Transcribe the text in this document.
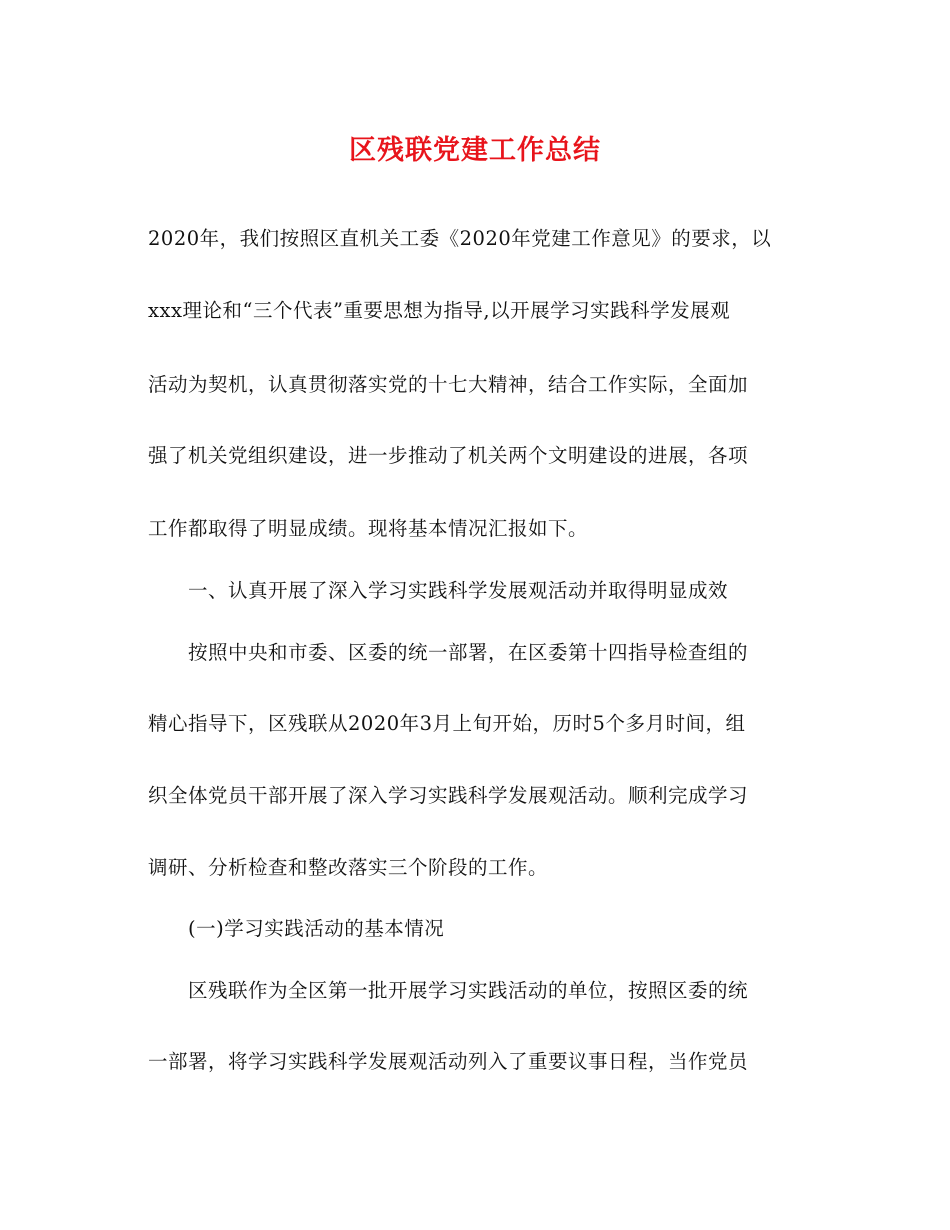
区残联党建工作总结
2020年，我们按照区直机关工委《2020年党建工作意见》的要求，以
xxx理论和“三个代表”重要思想为指导,以开展学习实践科学发展观
活动为契机，认真贯彻落实党的十七大精神，结合工作实际，全面加
强了机关党组织建设，进一步推动了机关两个文明建设的进展，各项
工作都取得了明显成绩。现将基本情况汇报如下。
一、认真开展了深入学习实践科学发展观活动并取得明显成效
按照中央和市委、区委的统一部署，在区委第十四指导检查组的
精心指导下，区残联从2020年3月上旬开始，历时5个多月时间，组
织全体党员干部开展了深入学习实践科学发展观活动。顺利完成学习
调研、分析检查和整改落实三个阶段的工作。
(一)学习实践活动的基本情况
区残联作为全区第一批开展学习实践活动的单位，按照区委的统
一部署，将学习实践科学发展观活动列入了重要议事日程，当作党员
